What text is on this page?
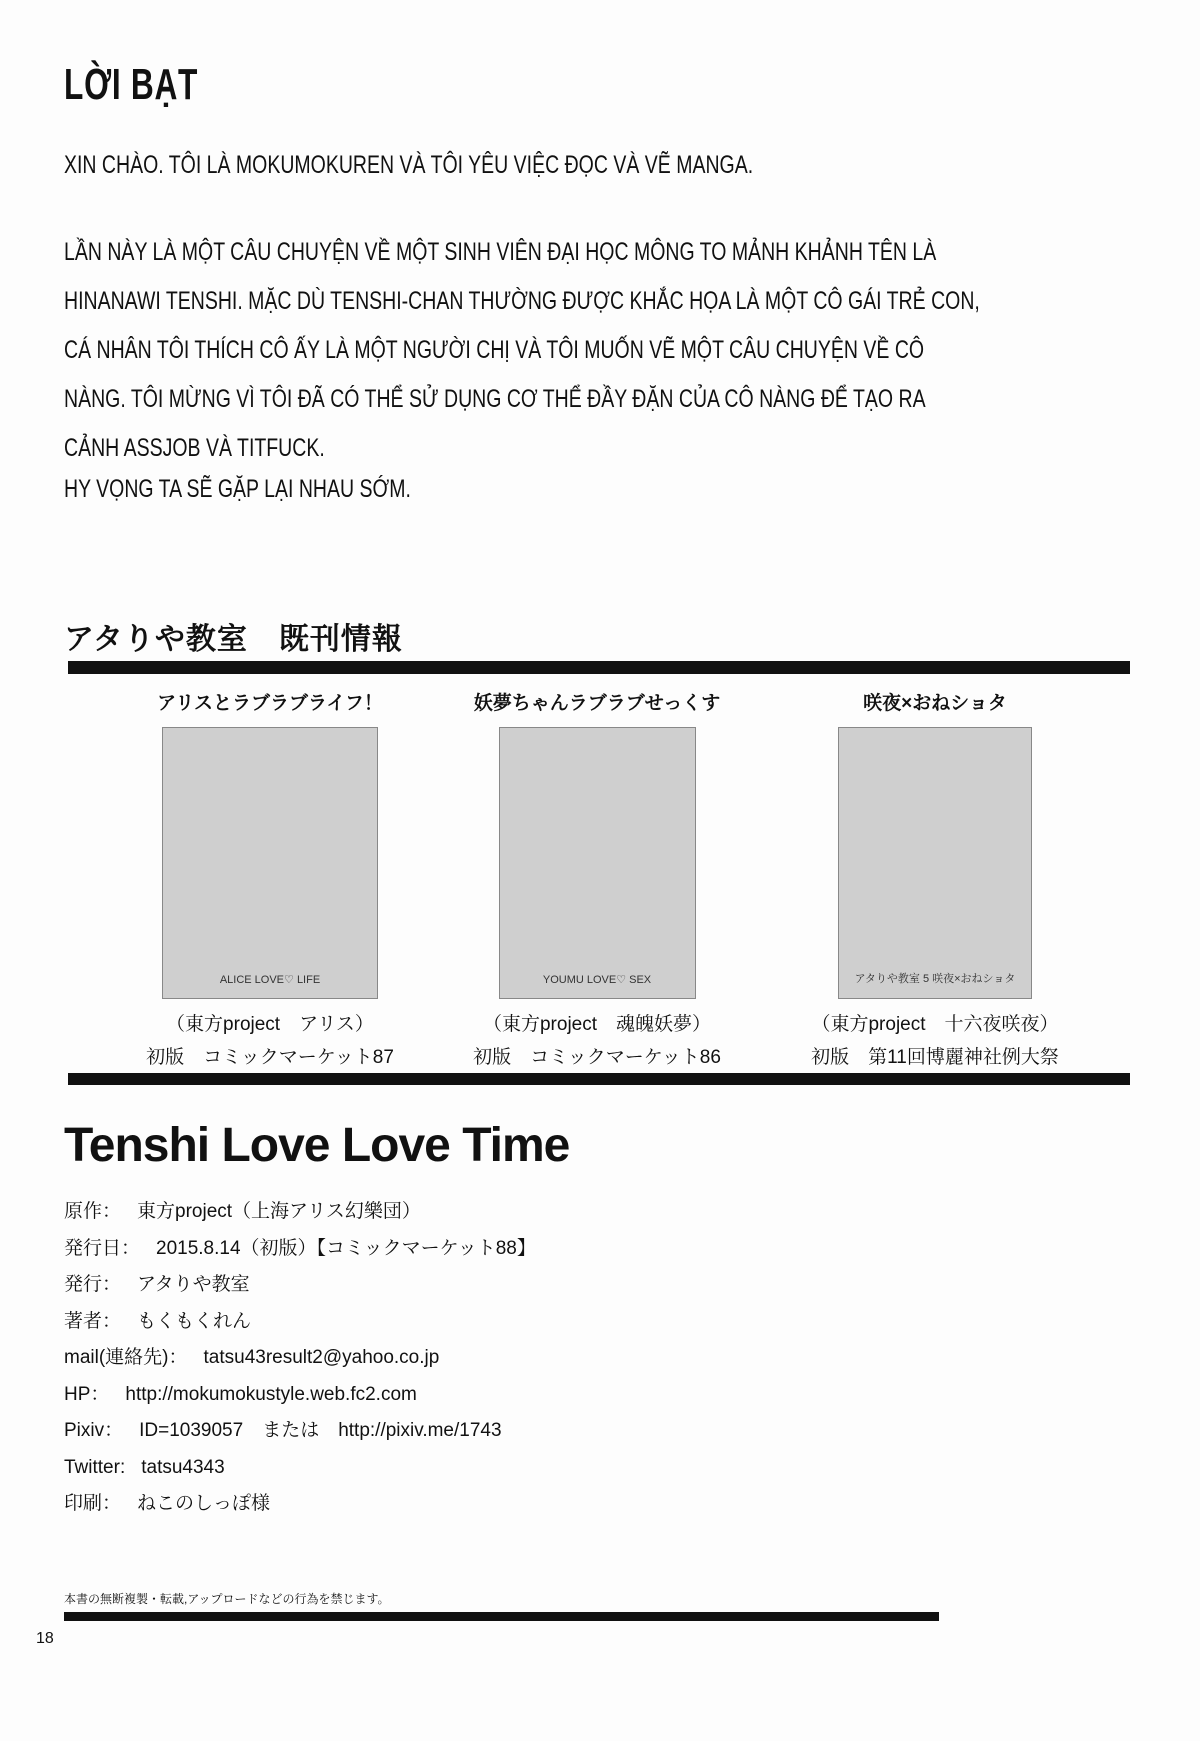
LỜI BẠT
XIN CHÀO. TÔI LÀ MOKUMOKUREN VÀ TÔI YÊU VIỆC ĐỌC VÀ VẼ MANGA.
LẦN NÀY LÀ MỘT CÂU CHUYỆN VỀ MỘT SINH VIÊN ĐẠI HỌC MÔNG TO MẢNH KHẢNH TÊN LÀ
HINANAWI TENSHI. MẶC DÙ TENSHI-CHAN THƯỜNG ĐƯỢC KHẮC HỌA LÀ MỘT CÔ GÁI TRẺ CON,
CÁ NHÂN TÔI THÍCH CÔ ẤY LÀ MỘT NGƯỜI CHỊ VÀ TÔI MUỐN VẼ MỘT CÂU CHUYỆN VỀ CÔ
NÀNG. TÔI MỪNG VÌ TÔI ĐÃ CÓ THỂ SỬ DỤNG CƠ THỂ ĐẦY ĐẶN CỦA CÔ NÀNG ĐỂ TẠO RA
CẢNH ASSJOB VÀ TITFUCK.
HY VỌNG TA SẼ GẶP LẠI NHAU SỚM.
アタりや教室　既刊情報
アリスとラブラブライフ！
ALICE LOVE♡ LIFE
（東方project　アリス）
初版　コミックマーケット87
妖夢ちゃんラブラブせっくす
YOUMU LOVE♡ SEX
（東方project　魂魄妖夢）
初版　コミックマーケット86
咲夜×おねショタ
アタりや教室 5 咲夜×おねショタ
（東方project　十六夜咲夜）
初版　第11回博麗神社例大祭
Tenshi Love Love Time
原作： 東方project（上海アリス幻樂団）
発行日： 2015.8.14（初版）【コミックマーケット88】
発行： アタりや教室
著者： もくもくれん
mail(連絡先)： tatsu43result2@yahoo.co.jp
HP： http://mokumokustyle.web.fc2.com
Pixiv： ID=1039057　または　http://pixiv.me/1743
Twitter: tatsu4343
印刷： ねこのしっぽ様
本書の無断複製・転載,アップロードなどの行為を禁じます。
18
